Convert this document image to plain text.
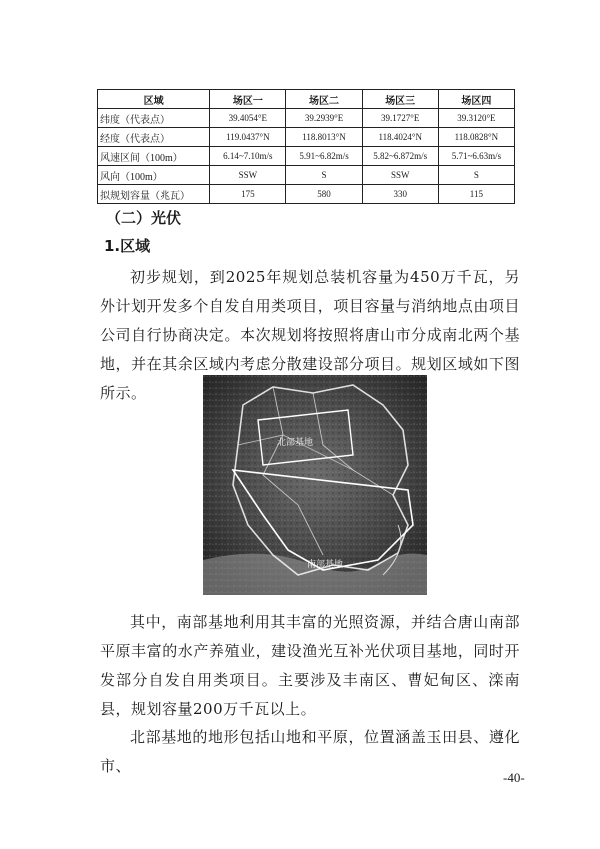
区域	场区一	场区二	场区三	场区四
纬度（代表点）	39.4054°E	39.2939°E	39.1727°E	39.3120°E
经度（代表点）	119.0437°N	118.8013°N	118.4024°N	118.0828°N
风速区间（100m）	6.14~7.10m/s	5.91~6.82m/s	5.82~6.872m/s	5.71~6.63m/s
风向（100m）	SSW	S	SSW	S
拟规划容量（兆瓦）	175	580	330	115
（二）光伏
1.区域

初步规划，到2025年规划总装机容量为450万千瓦，另外计划开发多个自发自用类项目，项目容量与消纳地点由项目公司自行协商决定。本次规划将按照将唐山市分成南北两个基地，并在其余区域内考虑分散建设部分项目。规划区域如下图所示。

北部基地
南部基地

其中，南部基地利用其丰富的光照资源，并结合唐山南部平原丰富的水产养殖业，建设渔光互补光伏项目基地，同时开发部分自发自用类项目。主要涉及丰南区、曹妃甸区、滦南县，规划容量200万千瓦以上。

北部基地的地形包括山地和平原，位置涵盖玉田县、遵化市、

-40-
